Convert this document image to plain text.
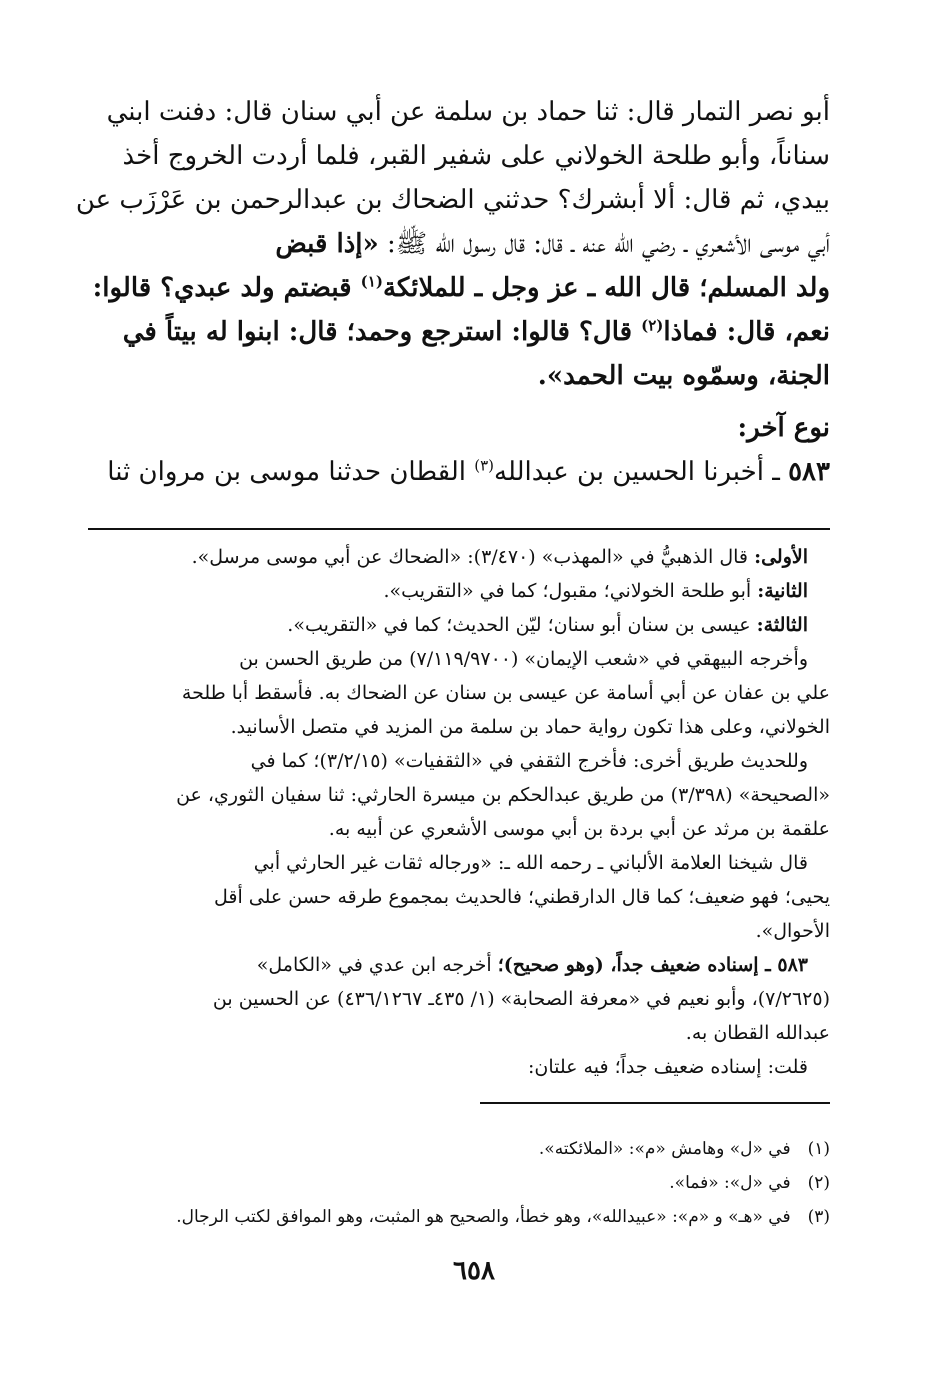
أبو نصر التمار قال: ثنا حماد بن سلمة عن أبي سنان قال: دفنت ابني
سناناً، وأبو طلحة الخولاني على شفير القبر، فلما أردت الخروج أخذ
بيدي، ثم قال: ألا أبشرك؟ حدثني الضحاك بن عبدالرحمن بن عَرْزَب عن
أبي موسى الأشعري ـ رضي الله عنه ـ قال: قال رسول الله ﷺ: «إذا قبض
ولد المسلم؛ قال الله ـ عز وجل ـ للملائكة$^{(١)}$ قبضتم ولد عبدي؟ قالوا:
نعم، قال: فماذا$^{(٢)}$ قال؟ قالوا: استرجع وحمد؛ قال: ابنوا له بيتاً في
الجنة، وسمّوه بيت الحمد».

نوع آخر:

٥٨٣ ـ أخبرنا الحسين بن عبدالله$^{(٣)}$ القطان حدثنا موسى بن مروان ثنا

الأولى: قال الذهبيُّ في «المهذب» (٣/٤٧٠): «الضحاك عن أبي موسى مرسل».

الثانية: أبو طلحة الخولاني؛ مقبول؛ كما في «التقريب».

الثالثة: عيسى بن سنان أبو سنان؛ ليّن الحديث؛ كما في «التقريب».

وأخرجه البيهقي في «شعب الإيمان» (٧/١١٩/٩٧٠٠) من طريق الحسن بن
علي بن عفان عن أبي أسامة عن عيسى بن سنان عن الضحاك به. فأسقط أبا طلحة
الخولاني، وعلى هذا تكون رواية حماد بن سلمة من المزيد في متصل الأسانيد.

وللحديث طريق أخرى: فأخرج الثقفي في «الثقفيات» (٣/٢/١٥)؛ كما في
«الصحيحة» (٣/٣٩٨) من طريق عبدالحكم بن ميسرة الحارثي: ثنا سفيان الثوري، عن
علقمة بن مرثد عن أبي بردة بن أبي موسى الأشعري عن أبيه به.

قال شيخنا العلامة الألباني ـ رحمه الله ـ: «ورجاله ثقات غير الحارثي أبي
يحيى؛ فهو ضعيف؛ كما قال الدارقطني؛ فالحديث بمجموع طرقه حسن على أقل
الأحوال».

٥٨٣ ـ إسناده ضعيف جداً، (وهو صحيح)؛ أخرجه ابن عدي في «الكامل»
(٧/٢٦٢٥)، وأبو نعيم في «معرفة الصحابة» (١/ ٤٣٥ـ ٤٣٦/١٢٦٧) عن الحسين بن
عبدالله القطان به.

قلت: إسناده ضعيف جداً؛ فيه علتان:

(١) في «ل» وهامش «م»: «الملائكته».
(٢) في «ل»: «فما».
(٣) في «هـ» و «م»: «عبيدالله»، وهو خطأ، والصحيح هو المثبت، وهو الموافق لكتب الرجال.
٦٥٨
